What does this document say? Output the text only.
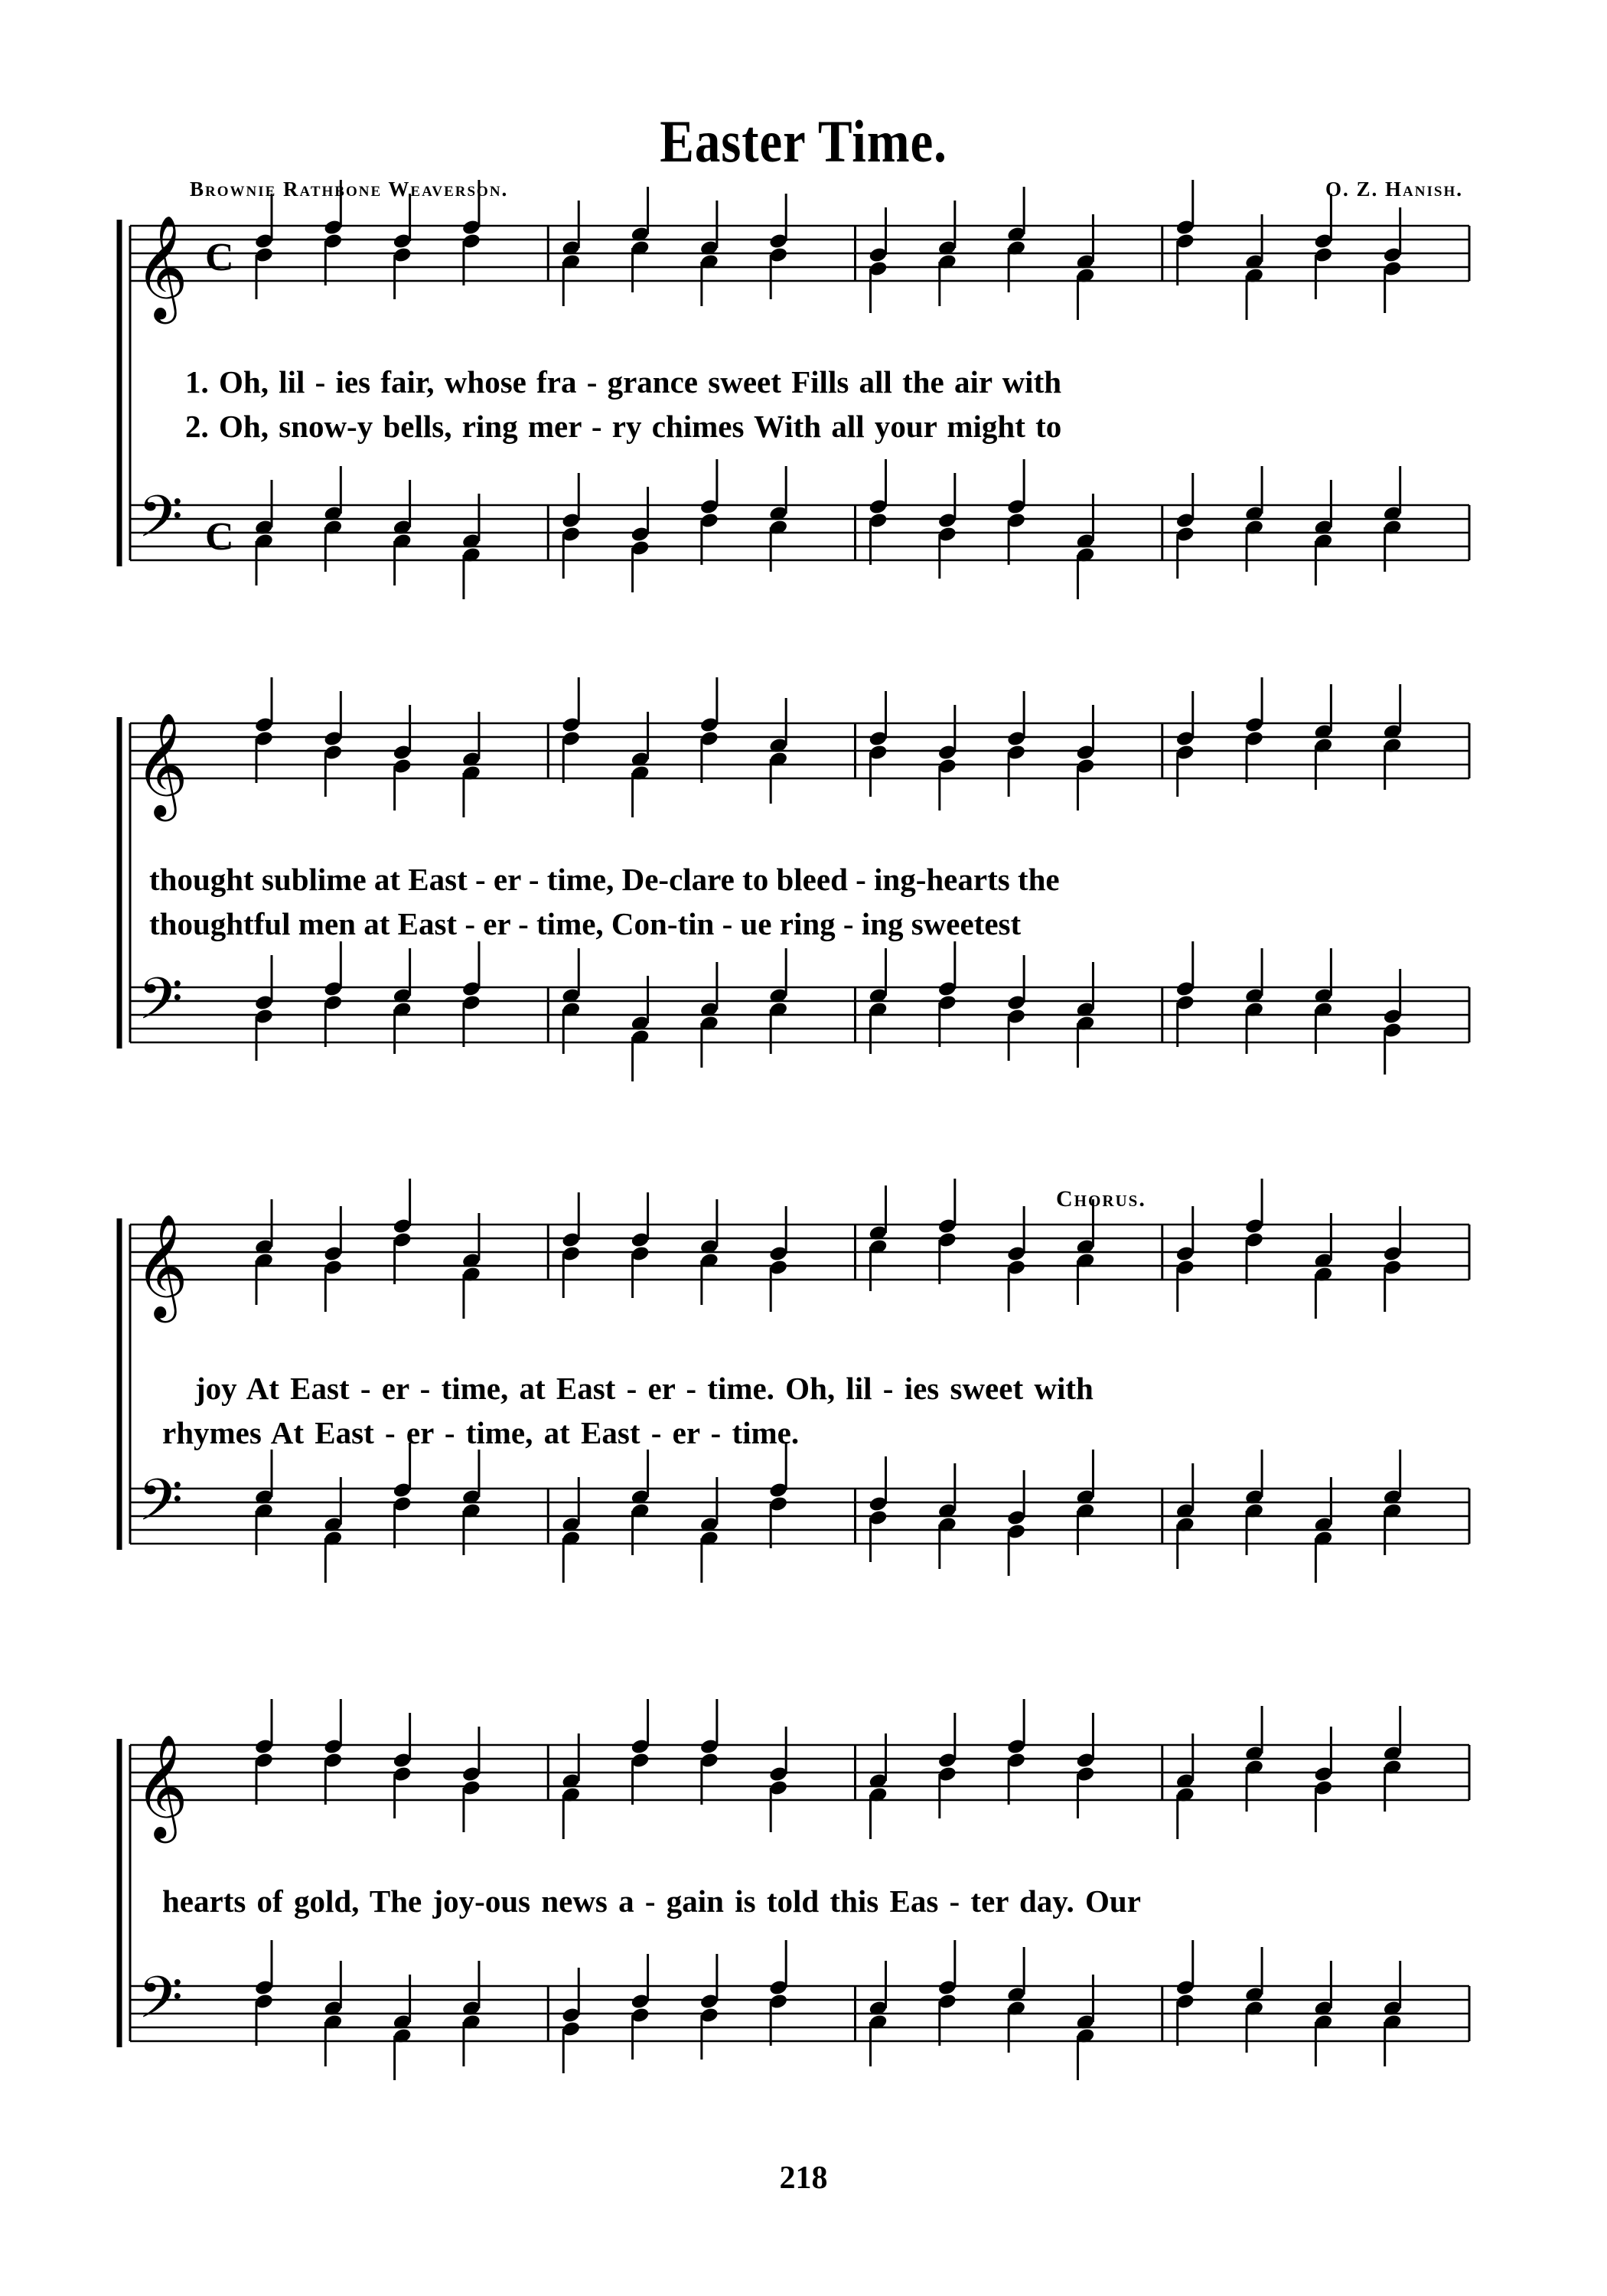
Easter Time.
Brownie Rathbone Weaverson.	O. Z. Hanish.
𝄞
𝄢
C
C
1. Oh, lil - ies fair, whose fra - grance sweet Fills all the air with
2. Oh, snow-y bells, ring mer - ry chimes With all your might to
𝄞
𝄢
thought sublime at East - er - time, De-clare to bleed - ing-hearts the
thoughtful men at East - er - time, Con-tin - ue ring - ing sweetest
𝄞
𝄢
Chorus.
joy At East - er - time, at East - er - time. Oh, lil - ies sweet with
rhymes At East - er - time, at East - er - time.
𝄞
𝄢
hearts of gold, The joy-ous news a - gain is told this Eas - ter day. Our
218
